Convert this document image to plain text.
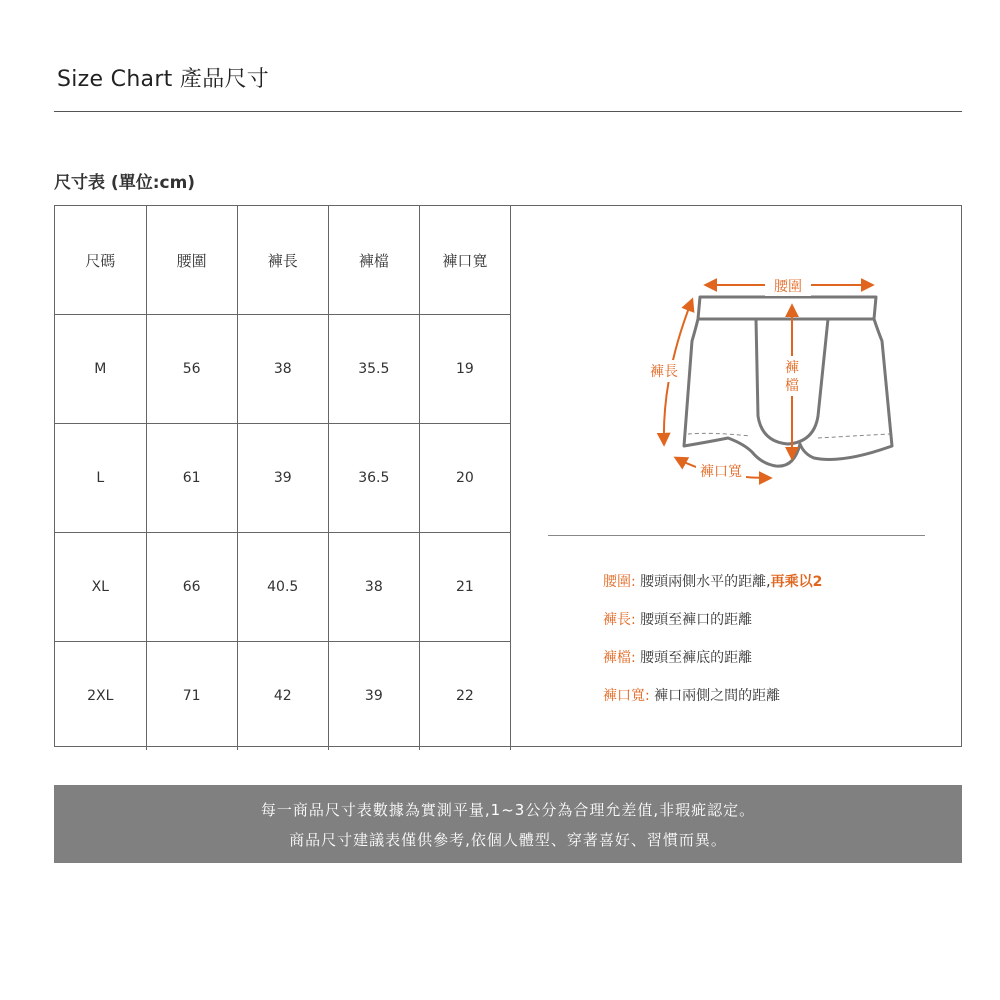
Size Chart 產品尺寸
尺寸表 (單位:cm)
尺碼	腰圍	褲長	褲檔	褲口寬
M	56	38	35.5	19
L	61	39	36.5	20
XL	66	40.5	38	21
2XL	71	42	39	22
腰圍
褲長	褲
檔
褲口寬
腰圍: 腰頭兩側水平的距離,再乘以2
褲長: 腰頭至褲口的距離
褲檔: 腰頭至褲底的距離
褲口寬: 褲口兩側之間的距離
每一商品尺寸表數據為實測平量,1~3公分為合理允差值,非瑕疵認定。
商品尺寸建議表僅供參考,依個人體型、穿著喜好、習慣而異。
